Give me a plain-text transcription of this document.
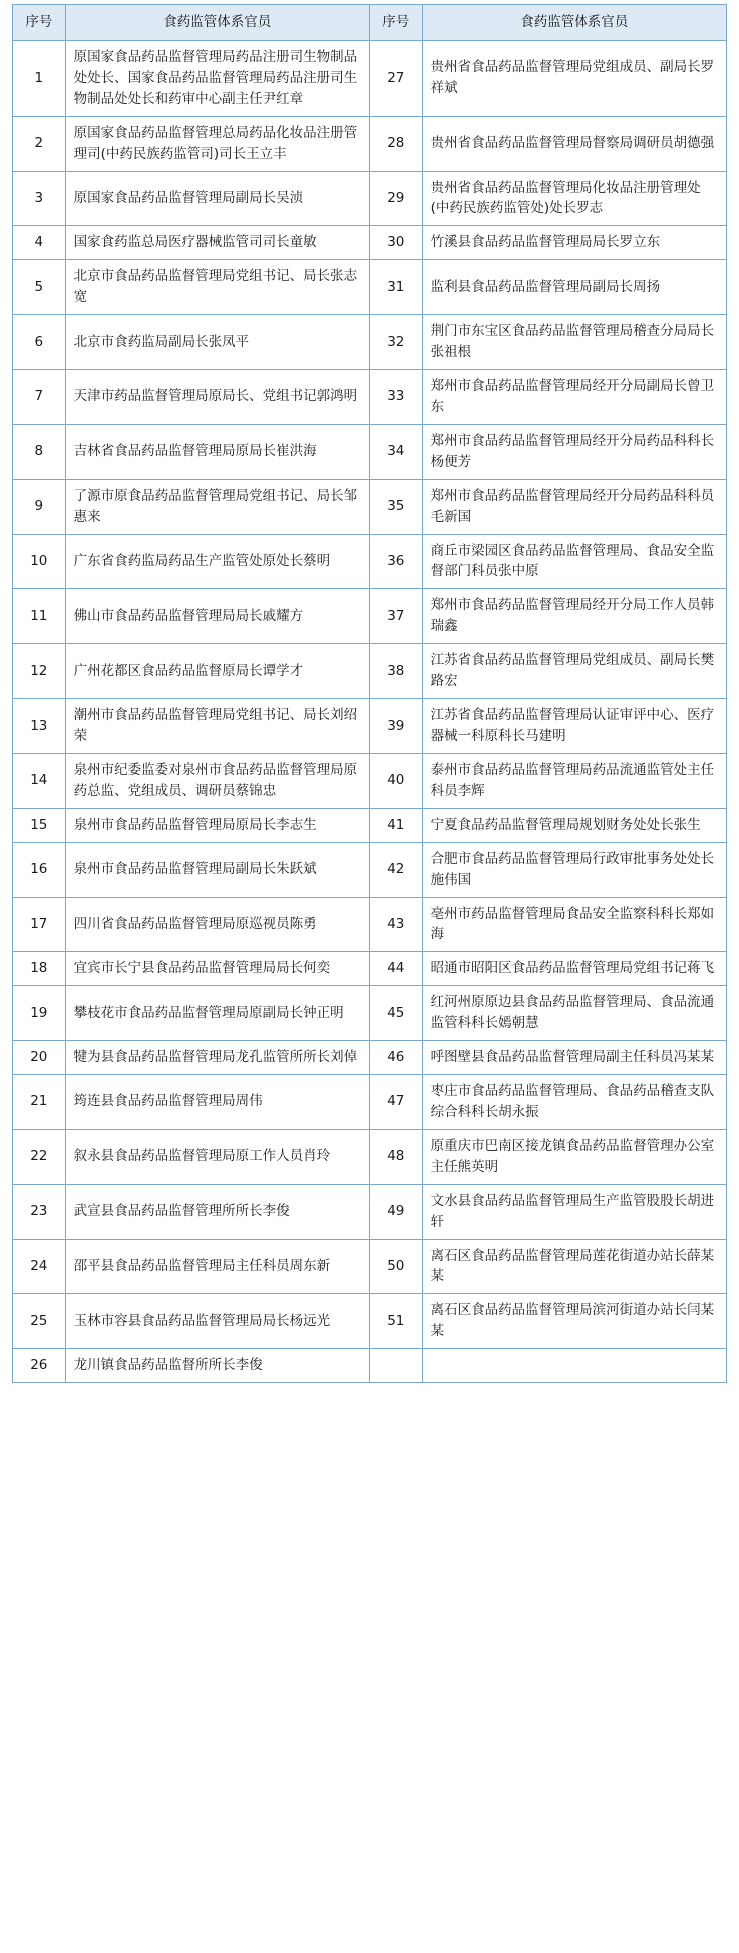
序号	食药监管体系官员	序号	食药监管体系官员
1	原国家食品药品监督管理局药品注册司生物制品处处长、国家食品药品监督管理局药品注册司生物制品处处长和药审中心副主任尹红章	27	贵州省食品药品监督管理局党组成员、副局长罗祥斌
2	原国家食品药品监督管理总局药品化妆品注册管理司(中药民族药监管司)司长王立丰	28	贵州省食品药品监督管理局督察局调研员胡德强
3	原国家食品药品监督管理局副局长吴浈	29	贵州省食品药品监督管理局化妆品注册管理处(中药民族药监管处)处长罗志
4	国家食药监总局医疗器械监管司司长童敏	30	竹溪县食品药品监督管理局局长罗立东
5	北京市食品药品监督管理局党组书记、局长张志宽	31	监利县食品药品监督管理局副局长周扬
6	北京市食药监局副局长张凤平	32	荆门市东宝区食品药品监督管理局稽查分局局长张祖根
7	天津市药品监督管理局原局长、党组书记郭鸿明	33	郑州市食品药品监督管理局经开分局副局长曾卫东
8	吉林省食品药品监督管理局原局长崔洪海	34	郑州市食品药品监督管理局经开分局药品科科长杨便芳
9	了源市原食品药品监督管理局党组书记、局长邹惠来	35	郑州市食品药品监督管理局经开分局药品科科员毛新国
10	广东省食药监局药品生产监管处原处长蔡明	36	商丘市梁园区食品药品监督管理局、食品安全监督部门科员张中原
11	佛山市食品药品监督管理局局长戚耀方	37	郑州市食品药品监督管理局经开分局工作人员韩瑞鑫
12	广州花都区食品药品监督原局长谭学才	38	江苏省食品药品监督管理局党组成员、副局长樊路宏
13	潮州市食品药品监督管理局党组书记、局长刘绍荣	39	江苏省食品药品监督管理局认证审评中心、医疗器械一科原科长马建明
14	泉州市纪委监委对泉州市食品药品监督管理局原药总监、党组成员、调研员蔡锦忠	40	泰州市食品药品监督管理局药品流通监管处主任科员李辉
15	泉州市食品药品监督管理局原局长李志生	41	宁夏食品药品监督管理局规划财务处处长张生
16	泉州市食品药品监督管理局副局长朱跃斌	42	合肥市食品药品监督管理局行政审批事务处处长施伟国
17	四川省食品药品监督管理局原巡视员陈勇	43	亳州市药品监督管理局食品安全监察科科长郑如海
18	宜宾市长宁县食品药品监督管理局局长何奕	44	昭通市昭阳区食品药品监督管理局党组书记蒋飞
19	攀枝花市食品药品监督管理局原副局长钟正明	45	红河州原原边县食品药品监督管理局、食品流通监管科科长嫣朝慧
20	犍为县食品药品监督管理局龙孔监管所所长刘倬	46	呼图壁县食品药品监督管理局副主任科员冯某某
21	筠连县食品药品监督管理局周伟	47	枣庄市食品药品监督管理局、食品药品稽查支队综合科科长胡永振
22	叙永县食品药品监督管理局原工作人员肖玲	48	原重庆市巴南区接龙镇食品药品监督管理办公室主任熊英明
23	武宣县食品药品监督管理所所长李俊	49	文水县食品药品监督管理局生产监管股股长胡进轩
24	邵平县食品药品监督管理局主任科员周东新	50	离石区食品药品监督管理局莲花街道办站长薛某某
25	玉林市容县食品药品监督管理局局长杨远光	51	离石区食品药品监督管理局滨河街道办站长闫某某
26	龙川镇食品药品监督所所长李俊		
